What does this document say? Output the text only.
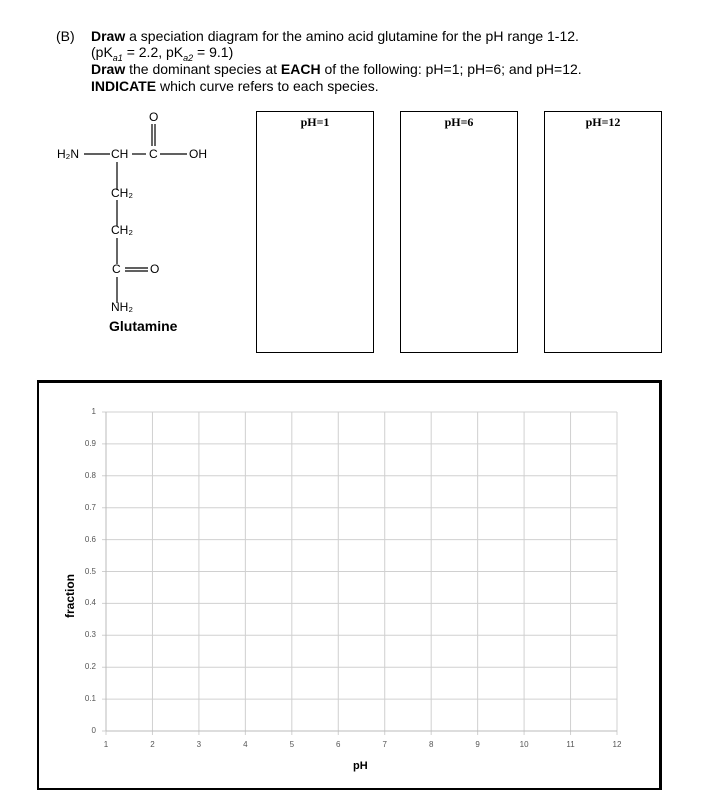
(B) Draw a speciation diagram for the amino acid glutamine for the pH range 1-12.
($pK_{a1} = 2.2$, $pK_{a2} = 9.1$)
Draw the dominant species at EACH of the following: pH=1; pH=6; and pH=12.
INDICATE which curve refers to each species.
H₂N	CH C
O
OH
CH₂
CH₂
C O
NH₂
Glutamine
pH=1	pH=6	pH=12
1	2	3	4	5	6	7	8	9	10	11	12
0
0.1
0.2
0.3
0.4
0.5
0.6
0.7
0.8
0.9
1
pH
fraction
